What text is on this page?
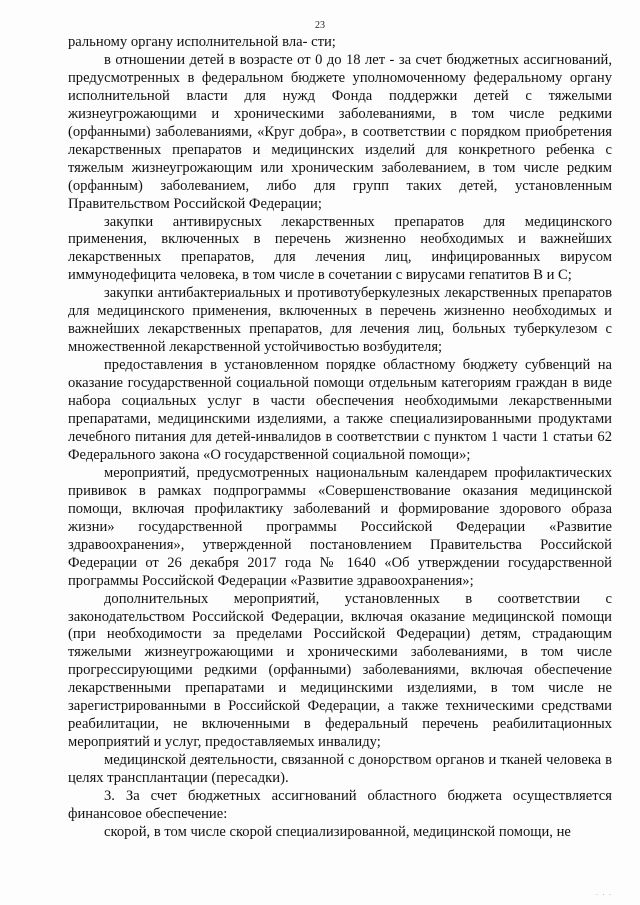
23

ральному органу исполнительной вла- сти;

в отношении детей в возрасте от 0 до 18 лет - за счет бюджетных ассигнований, предусмотренных в федеральном бюджете уполномоченному федеральному органу исполнительной власти для нужд Фонда поддержки детей с тяжелыми жизнеугрожающими и хроническими заболеваниями, в том числе редкими (орфанными) заболеваниями, «Круг добра», в соответствии с порядком приобретения лекарственных препаратов и медицинских изделий для конкретного ребенка с тяжелым жизнеугрожающим или хроническим заболеванием, в том числе редким (орфанным) заболеванием, либо для групп таких детей, установленным Правительством Российской Федерации;

закупки антивирусных лекарственных препаратов для медицинского применения, включенных в перечень жизненно необходимых и важнейших лекарственных препаратов, для лечения лиц, инфицированных вирусом иммунодефицита человека, в том числе в сочетании с вирусами гепатитов В и С;

закупки антибактериальных и противотуберкулезных лекарственных препаратов для медицинского применения, включенных в перечень жизненно необходимых и важнейших лекарственных препаратов, для лечения лиц, больных туберкулезом с множественной лекарственной устойчивостью возбудителя;

предоставления в установленном порядке областному бюджету субвенций на оказание государственной социальной помощи отдельным категориям граждан в виде набора социальных услуг в части обеспечения необходимыми лекарственными препаратами, медицинскими изделиями, а также специализированными продуктами лечебного питания для детей-инвалидов в соответствии с пунктом 1 части 1 статьи 62 Федерального закона «О государственной социальной помощи»;

мероприятий, предусмотренных национальным календарем профилактических прививок в рамках подпрограммы «Совершенствование оказания медицинской помощи, включая профилактику заболеваний и формирование здорового образа жизни» государственной программы Российской Федерации «Развитие здравоохранения», утвержденной постановлением Правительства Российской Федерации от 26 декабря 2017 года № 1640 «Об утверждении государственной программы Российской Федерации «Развитие здравоохранения»;

дополнительных мероприятий, установленных в соответствии с законодательством Российской Федерации, включая оказание медицинской помощи (при необходимости за пределами Российской Федерации) детям, страдающим тяжелыми жизнеугрожающими и хроническими заболеваниями, в том числе прогрессирующими редкими (орфанными) заболеваниями, включая обеспечение лекарственными препаратами и медицинскими изделиями, в том числе не зарегистрированными в Российской Федерации, а также техническими средствами реабилитации, не включенными в федеральный перечень реабилитационных мероприятий и услуг, предоставляемых инвалиду;

медицинской деятельности, связанной с донорством органов и тканей человека в целях трансплантации (пересадки).

3. За счет бюджетных ассигнований областного бюджета осуществляется финансовое обеспечение:

скорой, в том числе скорой специализированной, медицинской помощи, не

· · ·
